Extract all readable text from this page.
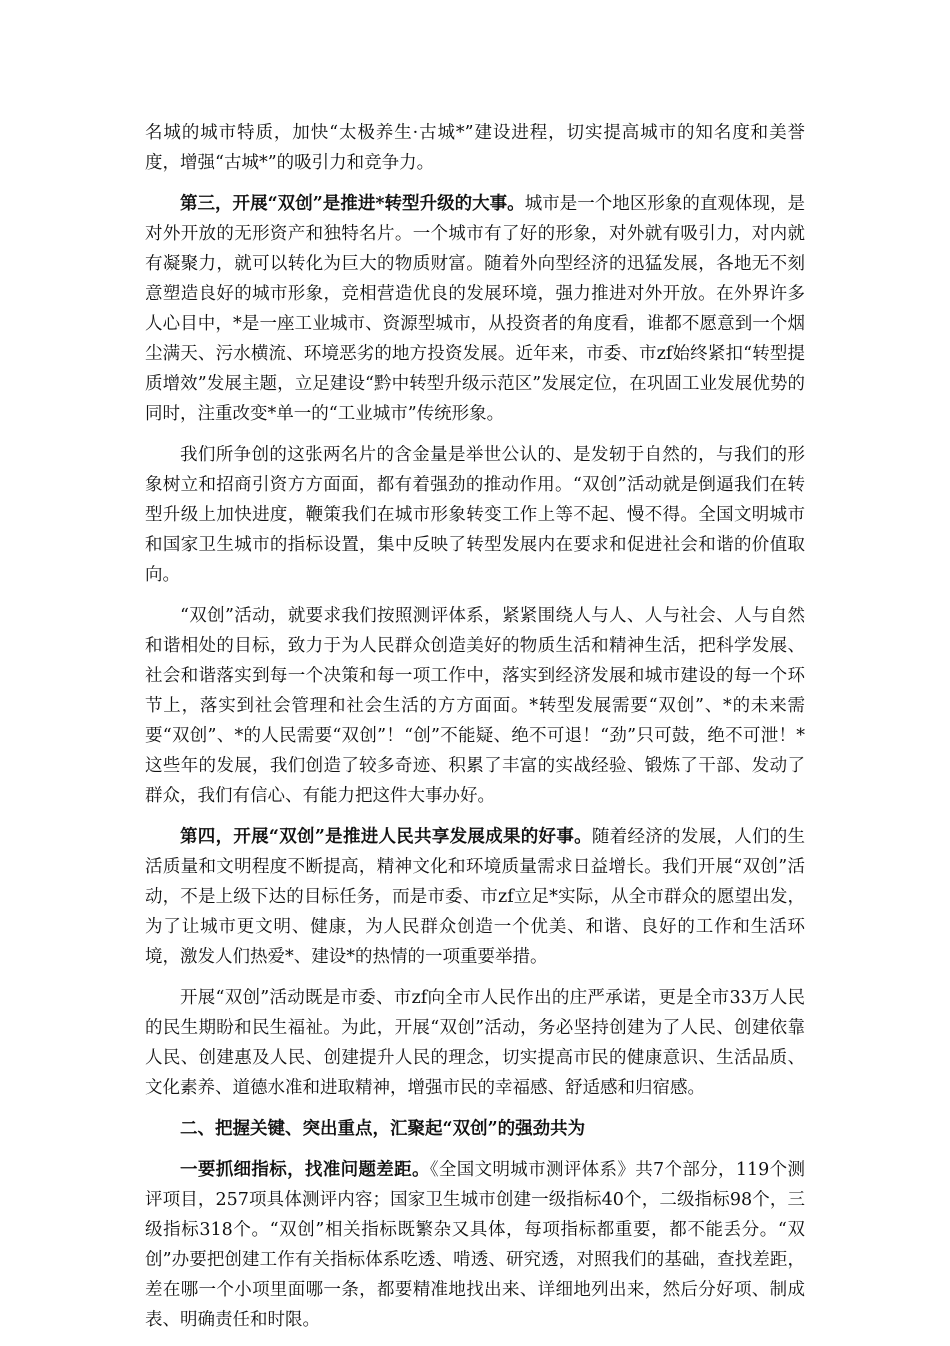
名城的城市特质，加快“太极养生·古城*”建设进程，切实提高城市的知名度和美誉度，增强“古城*”的吸引力和竞争力。

第三，开展“双创”是推进*转型升级的大事。城市是一个地区形象的直观体现，是对外开放的无形资产和独特名片。一个城市有了好的形象，对外就有吸引力，对内就有凝聚力，就可以转化为巨大的物质财富。随着外向型经济的迅猛发展，各地无不刻意塑造良好的城市形象，竞相营造优良的发展环境，强力推进对外开放。在外界许多人心目中，*是一座工业城市、资源型城市，从投资者的角度看，谁都不愿意到一个烟尘满天、污水横流、环境恶劣的地方投资发展。近年来，市委、市zf始终紧扣“转型提质增效”发展主题，立足建设“黔中转型升级示范区”发展定位，在巩固工业发展优势的同时，注重改变*单一的“工业城市”传统形象。

我们所争创的这张两名片的含金量是举世公认的、是发轫于自然的，与我们的形象树立和招商引资方方面面，都有着强劲的推动作用。“双创”活动就是倒逼我们在转型升级上加快进度，鞭策我们在城市形象转变工作上等不起、慢不得。全国文明城市和国家卫生城市的指标设置，集中反映了转型发展内在要求和促进社会和谐的价值取向。

“双创”活动，就要求我们按照测评体系，紧紧围绕人与人、人与社会、人与自然和谐相处的目标，致力于为人民群众创造美好的物质生活和精神生活，把科学发展、社会和谐落实到每一个决策和每一项工作中，落实到经济发展和城市建设的每一个环节上，落实到社会管理和社会生活的方方面面。*转型发展需要“双创”、*的未来需要“双创”、*的人民需要“双创”！“创”不能疑、绝不可退！“劲”只可鼓，绝不可泄！*这些年的发展，我们创造了较多奇迹、积累了丰富的实战经验、锻炼了干部、发动了群众，我们有信心、有能力把这件大事办好。

第四，开展“双创”是推进人民共享发展成果的好事。随着经济的发展，人们的生活质量和文明程度不断提高，精神文化和环境质量需求日益增长。我们开展“双创”活动，不是上级下达的目标任务，而是市委、市zf立足*实际，从全市群众的愿望出发，为了让城市更文明、健康，为人民群众创造一个优美、和谐、良好的工作和生活环境，激发人们热爱*、建设*的热情的一项重要举措。

开展“双创”活动既是市委、市zf向全市人民作出的庄严承诺，更是全市33万人民的民生期盼和民生福祉。为此，开展“双创”活动，务必坚持创建为了人民、创建依靠人民、创建惠及人民、创建提升人民的理念，切实提高市民的健康意识、生活品质、文化素养、道德水准和进取精神，增强市民的幸福感、舒适感和归宿感。

二、把握关键、突出重点，汇聚起“双创”的强劲共为

一要抓细指标，找准问题差距。《全国文明城市测评体系》共7个部分，119个测评项目，257项具体测评内容；国家卫生城市创建一级指标40个，二级指标98个，三级指标318个。“双创”相关指标既繁杂又具体，每项指标都重要，都不能丢分。“双创”办要把创建工作有关指标体系吃透、啃透、研究透，对照我们的基础，查找差距，差在哪一个小项里面哪一条，都要精准地找出来、详细地列出来，然后分好项、制成表、明确责任和时限。
